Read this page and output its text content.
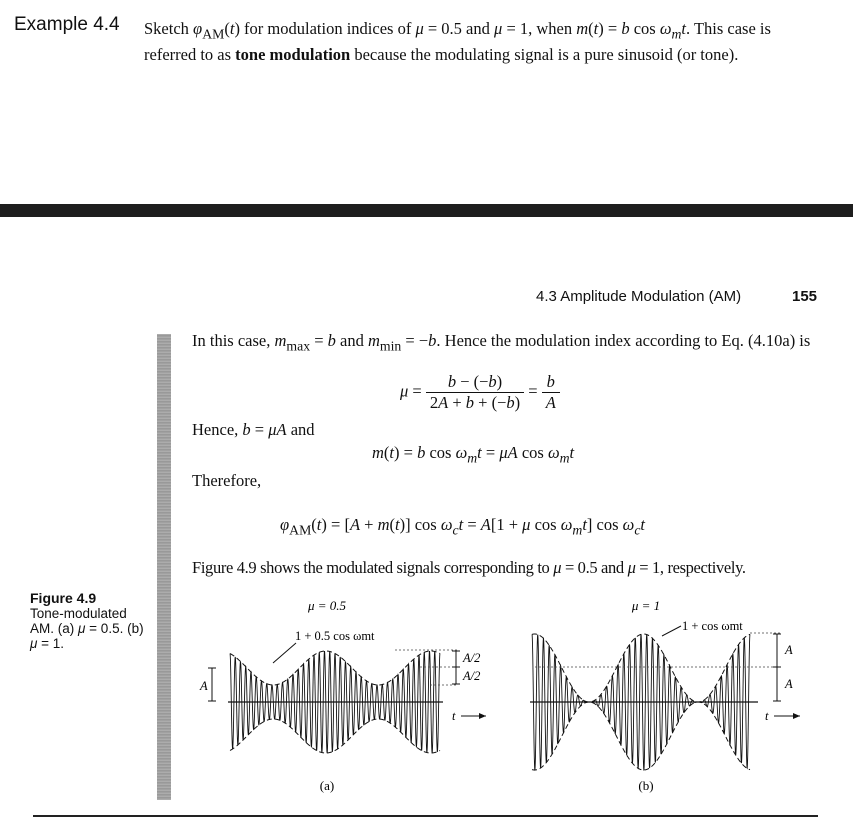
Example 4.4 Sketch $\varphi_{AM}(t)$ for modulation indices of μ = 0.5 and μ = 1, when m(t) = b $\cos \omega_mt$. This case is referred to as tone modulation because the modulating signal is a pure sinusoid (or tone).
4.3 Amplitude Modulation (AM)	155
In this case, $m_{max} = b$ and $m_{min} = -b$. Hence the modulation index according to Eq. (4.10a) is
$\mu = \frac{b - (-b)}{2A + b + (-b)} = \frac{b}{A}$
Hence, b = μA and
m(t) = b $\cos \omega_mt = \mu A$ $\cos \omega_mt$
Therefore,
$\varphi_{AM}(t) = [A + m(t)]$ $\cos \omega_ct = A[1 + \mu$ $\cos \omega_mt$] $\cos \omega_ct$
Figure 4.9 shows the modulated signals corresponding to μ = 0.5 and μ = 1, respectively.
Figure 4.9
Tone-modulated AM. (a) μ = 0.5. (b) μ = 1.
μ = 0.5
1 + 0.5 cos ωmt
A/2
A/2
A
t
(a)
μ = 1
1 + cos ωmt
A
A
t
(b)
